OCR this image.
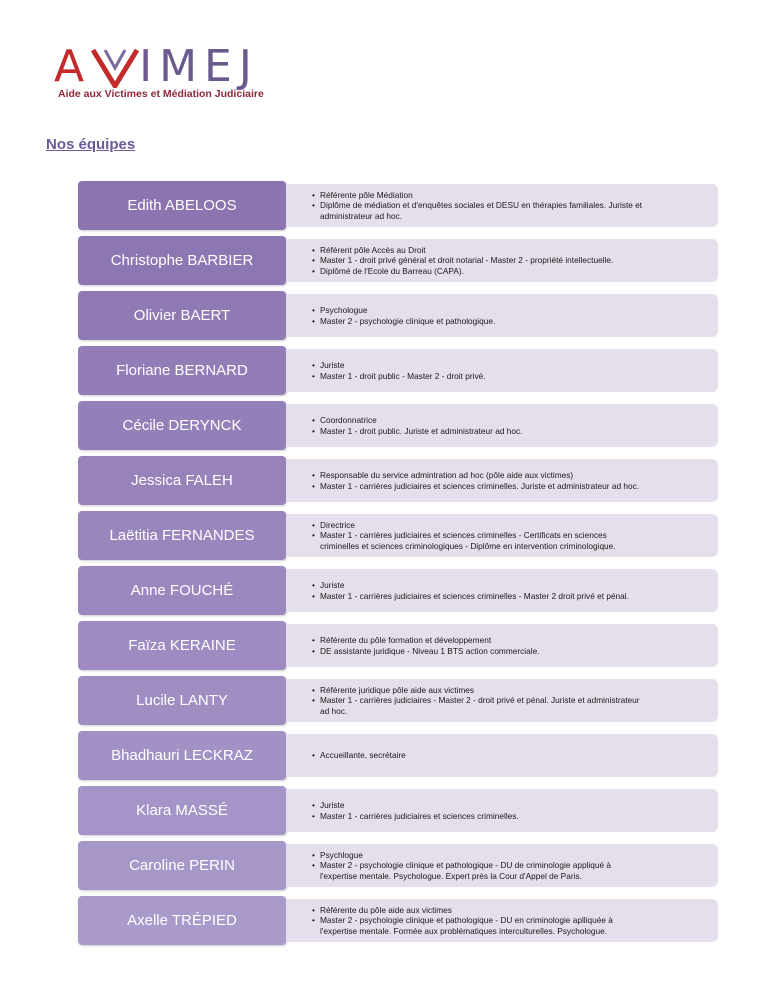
A IMEJ
Aide aux Victimes et Médiation Judiciaire
Nos équipes
Edith ABELOOS
• Référente pôle Médiation
• Diplôme de médiation et d'enquêtes sociales et DESU en thérapies familiales. Juriste et
administrateur ad hoc.
Christophe BARBIER
• Référent pôle Accès au Droit
• Master 1 - droit privé général et droit notarial - Master 2 - propriété intellectuelle.
• Diplômé de l'Ecole du Barreau (CAPA).
Olivier BAERT	• Psychologue
• Master 2 - psychologie clinique et pathologique.
Floriane BERNARD	• Juriste
• Master 1 - droit public - Master 2 - droit privé.
Cécile DERYNCK	• Coordonnatrice
• Master 1 - droit public. Juriste et administrateur ad hoc.
Jessica FALEH	• Responsable du service admintration ad hoc (pôle aide aux victimes)
• Master 1 - carrières judiciaires et sciences criminelles. Juriste et administrateur ad hoc.
Laëtitia FERNANDES
• Directrice
• Master 1 - carrières judiciaires et sciences criminelles - Certificats en sciences
criminelles et sciences criminologiques - Diplôme en intervention criminologique.
Anne FOUCHÉ	• Juriste
• Master 1 - carrières judiciaires et sciences criminelles - Master 2 droit privé et pénal.
Faïza KERAINE	• Référente du pôle formation et développement
• DE assistante juridique - Niveau 1 BTS action commerciale.
Lucile LANTY
• Référente juridique pôle aide aux victimes
• Master 1 - carrières judiciaires - Master 2 - droit privé et pénal. Juriste et administrateur
ad hoc.
Bhadhauri LECKRAZ	• Accueillante, secrétaire
Klara MASSÉ	• Juriste
• Master 1 - carrières judiciaires et sciences criminelles.
Caroline PERIN
• Psychlogue
• Master 2 - psychologie clinique et pathologique - DU de criminologie appliqué à
l'expertise mentale. Psychologue. Expert près la Cour d'Appel de Paris.
Axelle TRÉPIED
• Référente du pôle aide aux victimes
• Master 2 - psychologie clinique et pathologique - DU en criminologie aplliquée à
l'expertise mentale. Formée aux problématiques interculturelles. Psychologue.
